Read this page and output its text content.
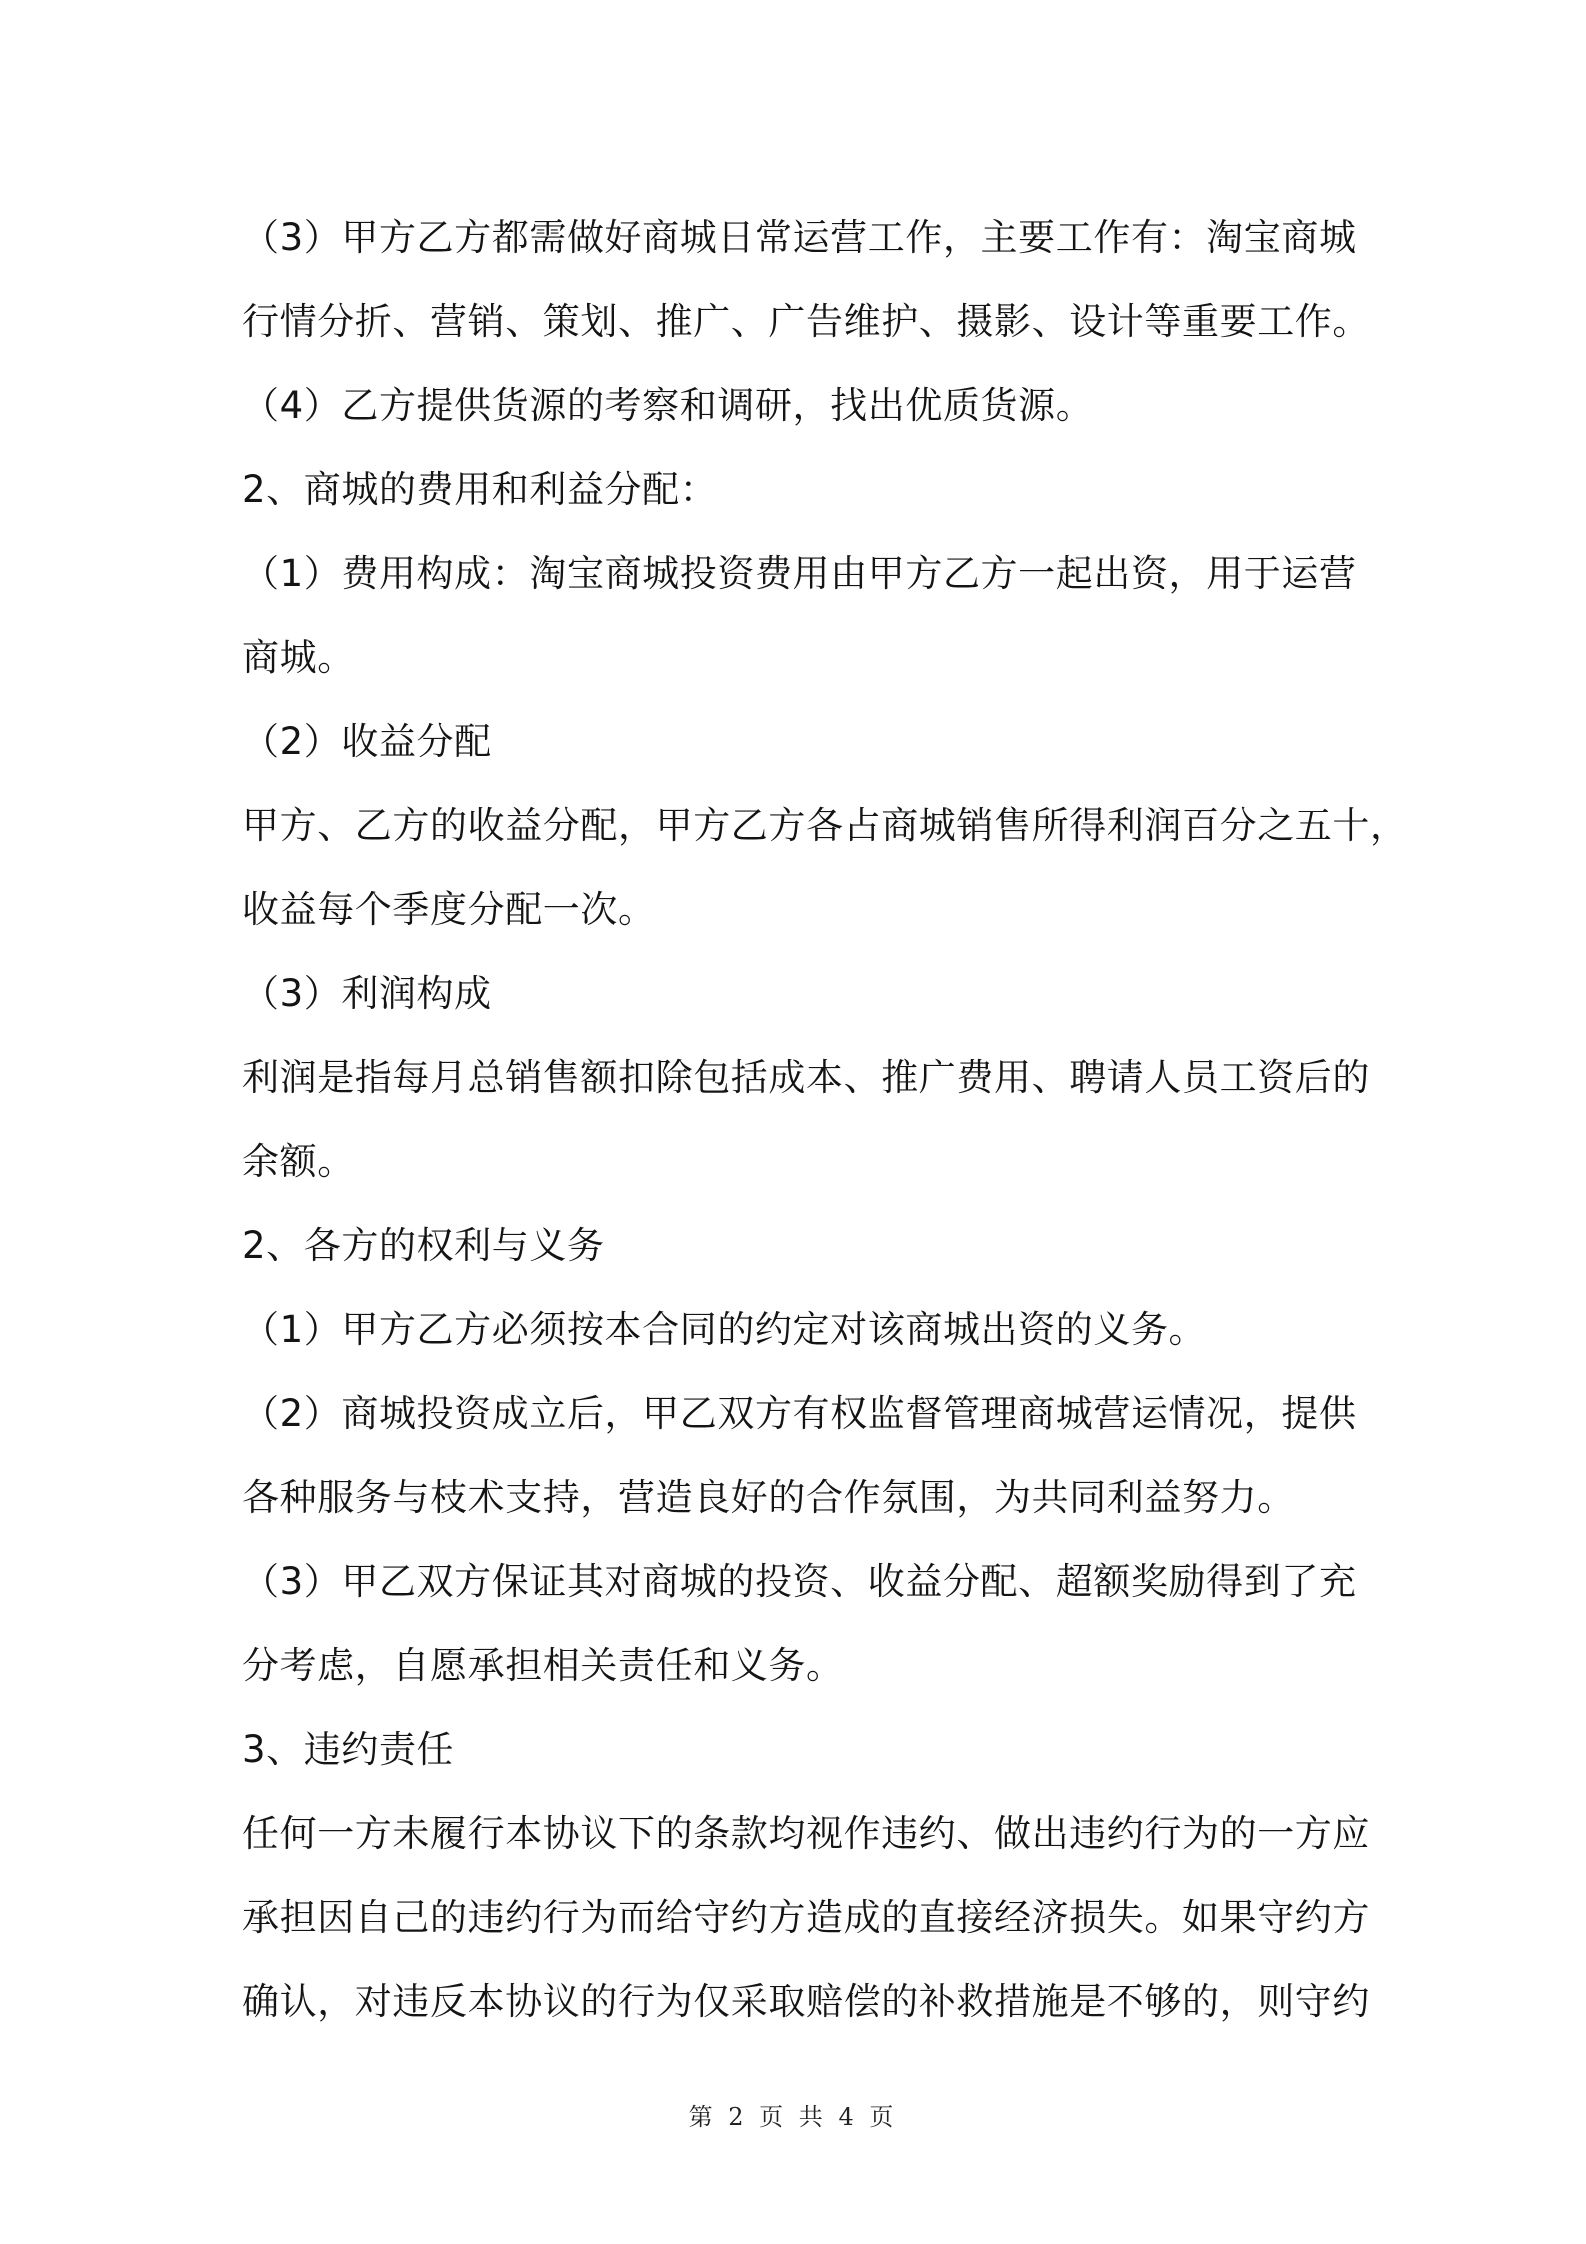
（3）甲方乙方都需做好商城日常运营工作，主要工作有：淘宝商城
行情分折、营销、策划、推广、广告维护、摄影、设计等重要工作。
（4）乙方提供货源的考察和调研，找出优质货源。
2、商城的费用和利益分配：
（1）费用构成：淘宝商城投资费用由甲方乙方一起出资，用于运营
商城。
（2）收益分配
甲方、乙方的收益分配，甲方乙方各占商城销售所得利润百分之五十，
收益每个季度分配一次。
（3）利润构成
利润是指每月总销售额扣除包括成本、推广费用、聘请人员工资后的
余额。
2、各方的权利与义务
（1）甲方乙方必须按本合同的约定对该商城出资的义务。
（2）商城投资成立后，甲乙双方有权监督管理商城营运情况，提供
各种服务与枝术支持，营造良好的合作氛围，为共同利益努力。
（3）甲乙双方保证其对商城的投资、收益分配、超额奖励得到了充
分考虑，自愿承担相关责任和义务。
3、违约责任
任何一方未履行本协议下的条款均视作违约、做出违约行为的一方应
承担因自己的违约行为而给守约方造成的直接经济损失。如果守约方
确认，对违反本协议的行为仅采取赔偿的补救措施是不够的，则守约
第 2 页 共 4 页
